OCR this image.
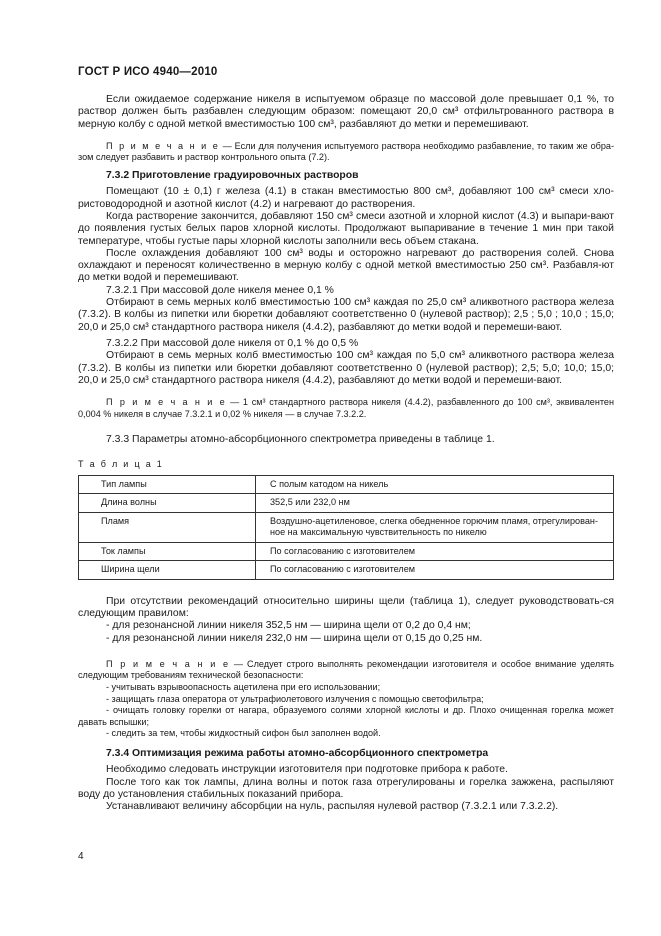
ГОСТ Р ИСО 4940—2010

Если ожидаемое содержание никеля в испытуемом образце по массовой доле превышает 0,1 %, то раствор должен быть разбавлен следующим образом: помещают 20,0 см³ отфильтрованного раствора в мерную колбу с одной меткой вместимостью 100 см³, разбавляют до метки и перемешивают.

П р и м е ч а н и е — Если для получения испытуемого раствора необходимо разбавление, то таким же обра-зом следует разбавить и раствор контрольного опыта (7.2).

7.3.2 Приготовление градуировочных растворов

Помещают (10 ± 0,1) г железа (4.1) в стакан вместимостью 800 см³, добавляют 100 см³ смеси хло-ристоводородной и азотной кислот (4.2) и нагревают до растворения.

Когда растворение закончится, добавляют 150 см³ смеси азотной и хлорной кислот (4.3) и выпари-вают до появления густых белых паров хлорной кислоты. Продолжают выпаривание в течение 1 мин при такой температуре, чтобы густые пары хлорной кислоты заполнили весь объем стакана.

После охлаждения добавляют 100 см³ воды и осторожно нагревают до растворения солей. Снова охлаждают и переносят количественно в мерную колбу с одной меткой вместимостью 250 см³. Разбавля-ют до метки водой и перемешивают.

7.3.2.1 При массовой доле никеля менее 0,1 %

Отбирают в семь мерных колб вместимостью 100 см³ каждая по 25,0 см³ аликвотного раствора железа (7.3.2). В колбы из пипетки или бюретки добавляют соответственно 0 (нулевой раствор); 2,5 ; 5,0 ; 10,0 ; 15,0; 20,0 и 25,0 см³ стандартного раствора никеля (4.4.2), разбавляют до метки водой и перемеши-вают.

7.3.2.2 При массовой доле никеля от 0,1 % до 0,5 %

Отбирают в семь мерных колб вместимостью 100 см³ каждая по 5,0 см³ аликвотного раствора железа (7.3.2). В колбы из пипетки или бюретки добавляют соответственно 0 (нулевой раствор); 2,5; 5,0; 10,0; 15,0; 20,0 и 25,0 см³ стандартного раствора никеля (4.4.2), разбавляют до метки водой и перемеши-вают.

П р и м е ч а н и е — 1 см³ стандартного раствора никеля (4.4.2), разбавленного до 100 см³, эквивалентен 0,004 % никеля в случае 7.3.2.1 и 0,02 % никеля — в случае 7.3.2.2.

7.3.3 Параметры атомно-абсорбционного спектрометра приведены в таблице 1.

Т а б л и ц а 1
Тип лампы	С полым катодом на никель
Длина волны	352,5 или 232,0 нм
Пламя	Воздушно-ацетиленовое, слегка обедненное горючим пламя, отрегулирован-ное на максимальную чувствительность по никелю
Ток лампы	По согласованию с изготовителем
Ширина щели	По согласованию с изготовителем

При отсутствии рекомендаций относительно ширины щели (таблица 1), следует руководствовать-ся следующим правилом:

- для резонансной линии никеля 352,5 нм — ширина щели от 0,2 до 0,4 нм;

- для резонансной линии никеля 232,0 нм — ширина щели от 0,15 до 0,25 нм.

П р и м е ч а н и е — Следует строго выполнять рекомендации изготовителя и особое внимание уделять следующим требованиям технической безопасности:

- учитывать взрывоопасность ацетилена при его использовании;

- защищать глаза оператора от ультрафиолетового излучения с помощью светофильтра;

- очищать головку горелки от нагара, образуемого солями хлорной кислоты и др. Плохо очищенная горелка может давать вспышки;

- следить за тем, чтобы жидкостный сифон был заполнен водой.

7.3.4 Оптимизация режима работы атомно-абсорбционного спектрометра

Необходимо следовать инструкции изготовителя при подготовке прибора к работе.

После того как ток лампы, длина волны и поток газа отрегулированы и горелка зажжена, распыляют воду до установления стабильных показаний прибора.

Устанавливают величину абсорбции на нуль, распыляя нулевой раствор (7.3.2.1 или 7.3.2.2).

4
